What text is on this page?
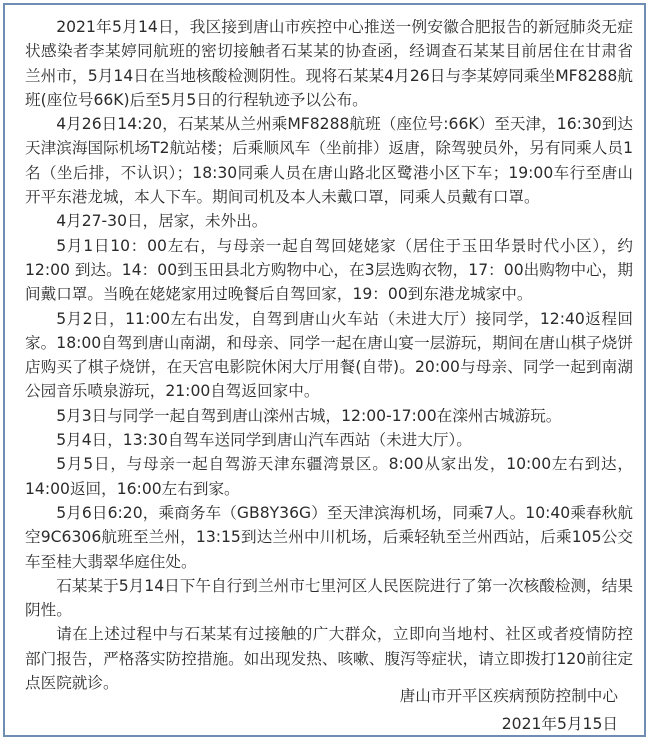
2021年5月14日，我区接到唐山市疾控中心推送一例安徽合肥报告的新冠肺炎无症状感染者李某婷同航班的密切接触者石某某的协查函，经调查石某某目前居住在甘肃省兰州市，5月14日在当地核酸检测阴性。现将石某某4月26日与李某婷同乘坐MF8288航班(座位号66K)后至5月5日的行程轨迹予以公布。

4月26日14:20，石某某从兰州乘MF8288航班（座位号:66K）至天津，16:30到达天津滨海国际机场T2航站楼；后乘顺风车（坐前排）返唐，除驾驶员外，另有同乘人员1名（坐后排，不认识）；18:30同乘人员在唐山路北区鹭港小区下车；19:00车行至唐山开平东港龙城，本人下车。期间司机及本人未戴口罩，同乘人员戴有口罩。

4月27-30日，居家，未外出。

5月1日10：00左右，与母亲一起自驾回姥姥家（居住于玉田华景时代小区），约12:00 到达。14：00到玉田县北方购物中心，在3层选购衣物，17：00出购物中心，期间戴口罩。当晚在姥姥家用过晚餐后自驾回家，19：00到东港龙城家中。

5月2日，11:00左右出发，自驾到唐山火车站（未进大厅）接同学，12:40返程回家。18:00自驾到唐山南湖，和母亲、同学一起在唐山宴一层游玩，期间在唐山棋子烧饼店购买了棋子烧饼，在天宫电影院休闲大厅用餐(自带)。20:00与母亲、同学一起到南湖公园音乐喷泉游玩，21:00自驾返回家中。

5月3日与同学一起自驾到唐山滦州古城，12:00-17:00在滦州古城游玩。

5月4日，13:30自驾车送同学到唐山汽车西站（未进大厅）。

5月5日，与母亲一起自驾游天津东疆湾景区。8:00从家出发，10:00左右到达，14:00返回，16:00左右到家。

5月6日6:20，乘商务车（GB8Y36G）至天津滨海机场，同乘7人。10:40乘春秋航空9C6306航班至兰州，13:15到达兰州中川机场，后乘轻轨至兰州西站，后乘105公交车至桂大翡翠华庭住处。

石某某于5月14日下午自行到兰州市七里河区人民医院进行了第一次核酸检测，结果阴性。

请在上述过程中与石某某有过接触的广大群众，立即向当地村、社区或者疫情防控部门报告，严格落实防控措施。如出现发热、咳嗽、腹泻等症状，请立即拨打120前往定点医院就诊。

唐山市开平区疾病预防控制中心
2021年5月15日
